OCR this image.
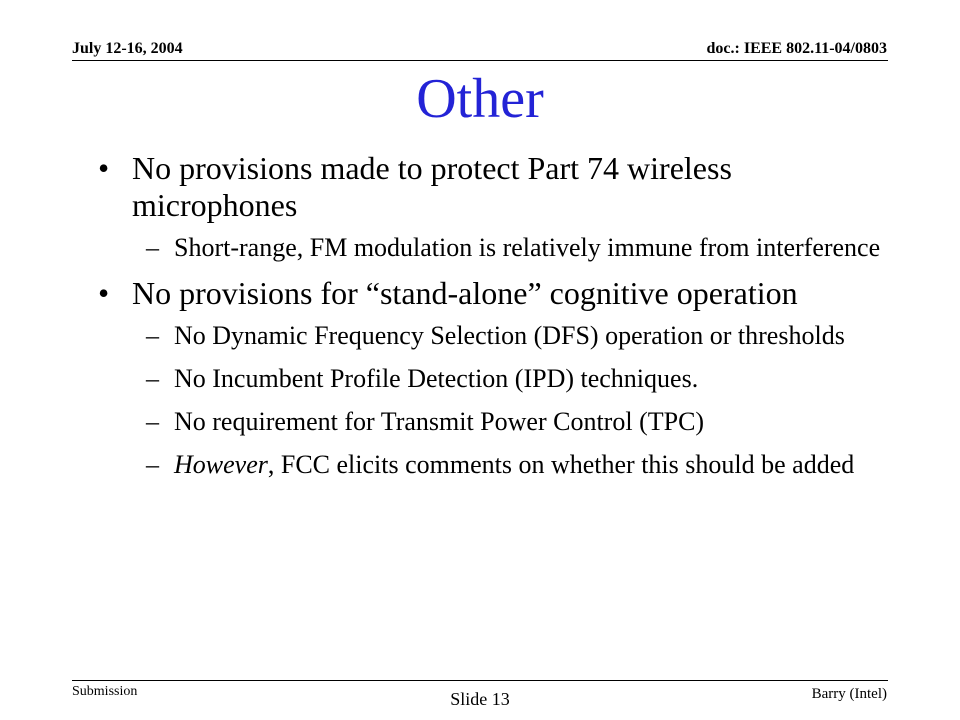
July 12-16, 2004	doc.: IEEE 802.11-04/0803
Other
• No provisions made to protect Part 74 wireless microphones
– Short-range, FM modulation is relatively immune from interference
• No provisions for “stand-alone” cognitive operation
– No Dynamic Frequency Selection (DFS) operation or thresholds
– No Incumbent Profile Detection (IPD) techniques.
– No requirement for Transmit Power Control (TPC)
– However, FCC elicits comments on whether this should be added
Submission	Slide 13	Barry (Intel)
